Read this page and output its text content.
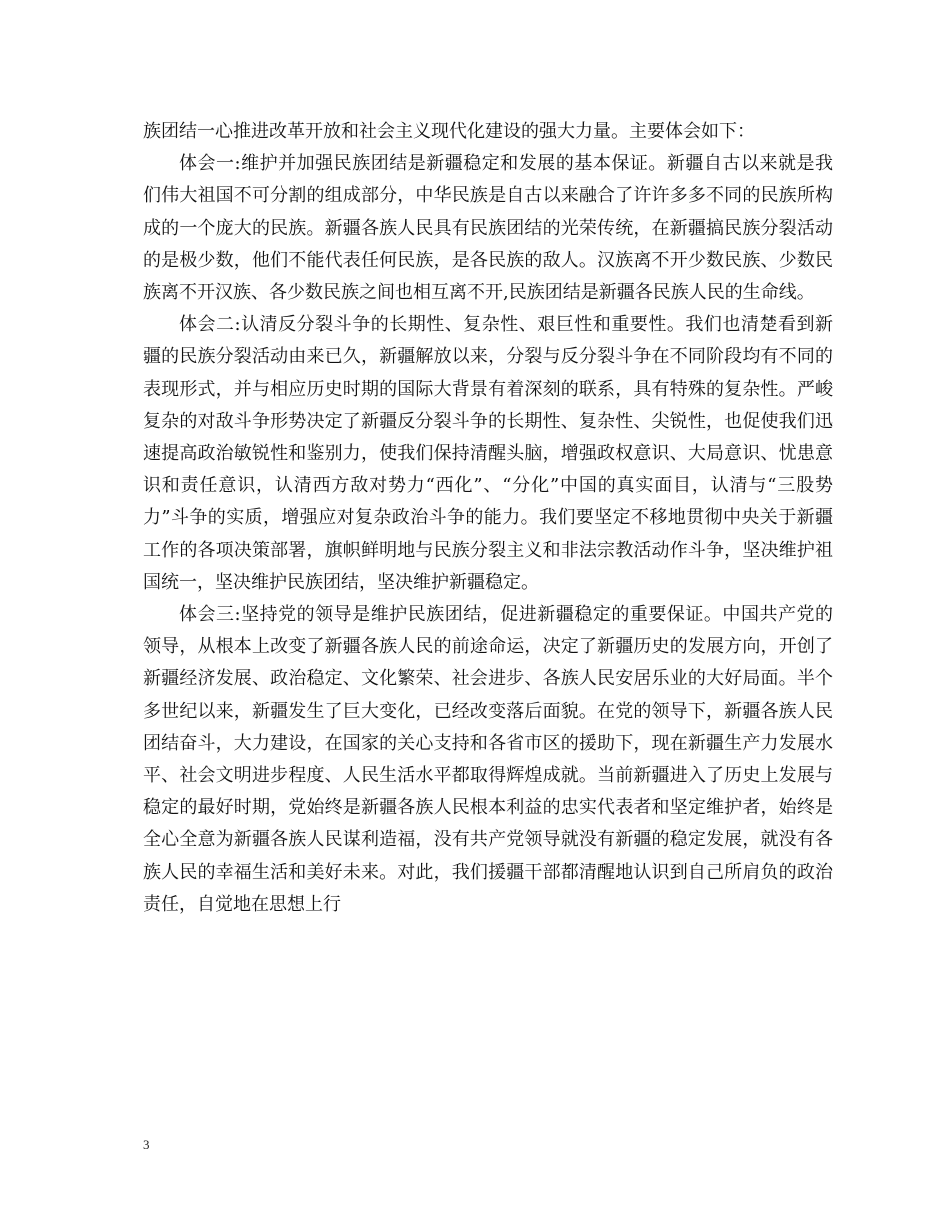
族团结一心推进改革开放和社会主义现代化建设的强大力量。主要体会如下：

体会一:维护并加强民族团结是新疆稳定和发展的基本保证。新疆自古以来就是我们伟大祖国不可分割的组成部分，中华民族是自古以来融合了许许多多不同的民族所构成的一个庞大的民族。新疆各族人民具有民族团结的光荣传统，在新疆搞民族分裂活动的是极少数，他们不能代表任何民族，是各民族的敌人。汉族离不开少数民族、少数民族离不开汉族、各少数民族之间也相互离不开,民族团结是新疆各民族人民的生命线。

体会二:认清反分裂斗争的长期性、复杂性、艰巨性和重要性。我们也清楚看到新疆的民族分裂活动由来已久，新疆解放以来，分裂与反分裂斗争在不同阶段均有不同的表现形式，并与相应历史时期的国际大背景有着深刻的联系，具有特殊的复杂性。严峻复杂的对敌斗争形势决定了新疆反分裂斗争的长期性、复杂性、尖锐性，也促使我们迅速提高政治敏锐性和鉴别力，使我们保持清醒头脑，增强政权意识、大局意识、忧患意识和责任意识，认清西方敌对势力“西化”、“分化”中国的真实面目，认清与“三股势力”斗争的实质，增强应对复杂政治斗争的能力。我们要坚定不移地贯彻中央关于新疆工作的各项决策部署，旗帜鲜明地与民族分裂主义和非法宗教活动作斗争，坚决维护祖国统一，坚决维护民族团结，坚决维护新疆稳定。

体会三:坚持党的领导是维护民族团结，促进新疆稳定的重要保证。中国共产党的领导，从根本上改变了新疆各族人民的前途命运，决定了新疆历史的发展方向，开创了新疆经济发展、政治稳定、文化繁荣、社会进步、各族人民安居乐业的大好局面。半个多世纪以来，新疆发生了巨大变化，已经改变落后面貌。在党的领导下，新疆各族人民团结奋斗，大力建设，在国家的关心支持和各省市区的援助下，现在新疆生产力发展水平、社会文明进步程度、人民生活水平都取得辉煌成就。当前新疆进入了历史上发展与稳定的最好时期，党始终是新疆各族人民根本利益的忠实代表者和坚定维护者，始终是全心全意为新疆各族人民谋利造福，没有共产党领导就没有新疆的稳定发展，就没有各族人民的幸福生活和美好未来。对此，我们援疆干部都清醒地认识到自己所肩负的政治责任，自觉地在思想上行

3
